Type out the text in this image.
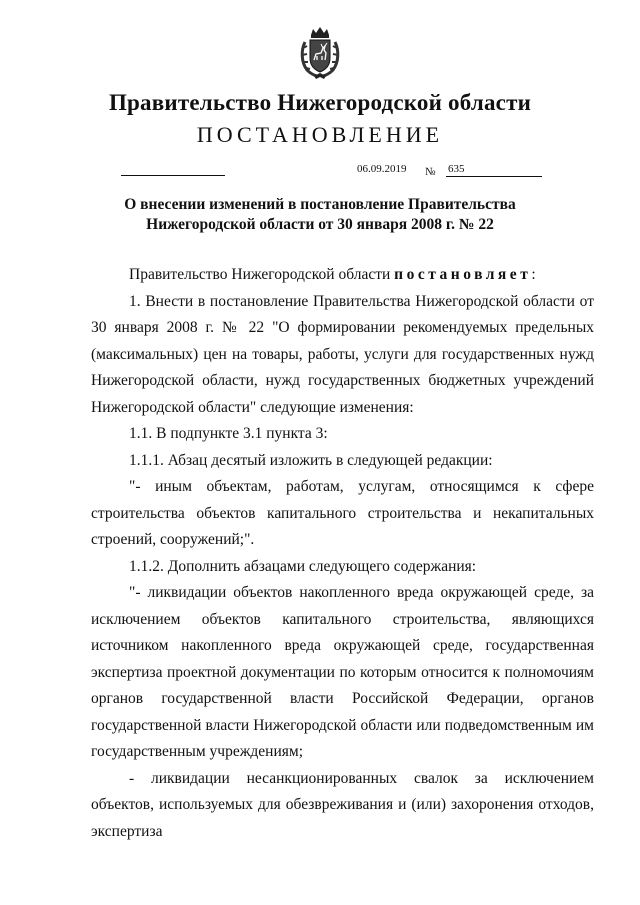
Правительство Нижегородской области
ПОСТАНОВЛЕНИЕ
06.09.2019 № 635
О внесении изменений в постановление Правительства
Нижегородской области от 30 января 2008 г. № 22

Правительство Нижегородской области постановляет:

1. Внести в постановление Правительства Нижегородской области от 30 января 2008 г. № 22 "О формировании рекомендуемых предельных (максимальных) цен на товары, работы, услуги для государственных нужд Нижегородской области, нужд государственных бюджетных учреждений Нижегородской области" следующие изменения:

1.1. В подпункте 3.1 пункта 3:

1.1.1. Абзац десятый изложить в следующей редакции:

"- иным объектам, работам, услугам, относящимся к сфере строительства объектов капитального строительства и некапитальных строений, сооружений;".

1.1.2. Дополнить абзацами следующего содержания:

"- ликвидации объектов накопленного вреда окружающей среде, за исключением объектов капитального строительства, являющихся источником накопленного вреда окружающей среде, государственная экспертиза проектной документации по которым относится к полномочиям органов государственной власти Российской Федерации, органов государственной власти Нижегородской области или подведомственным им государственным учреждениям;

- ликвидации несанкционированных свалок за исключением объектов, используемых для обезвреживания и (или) захоронения отходов, экспертиза
